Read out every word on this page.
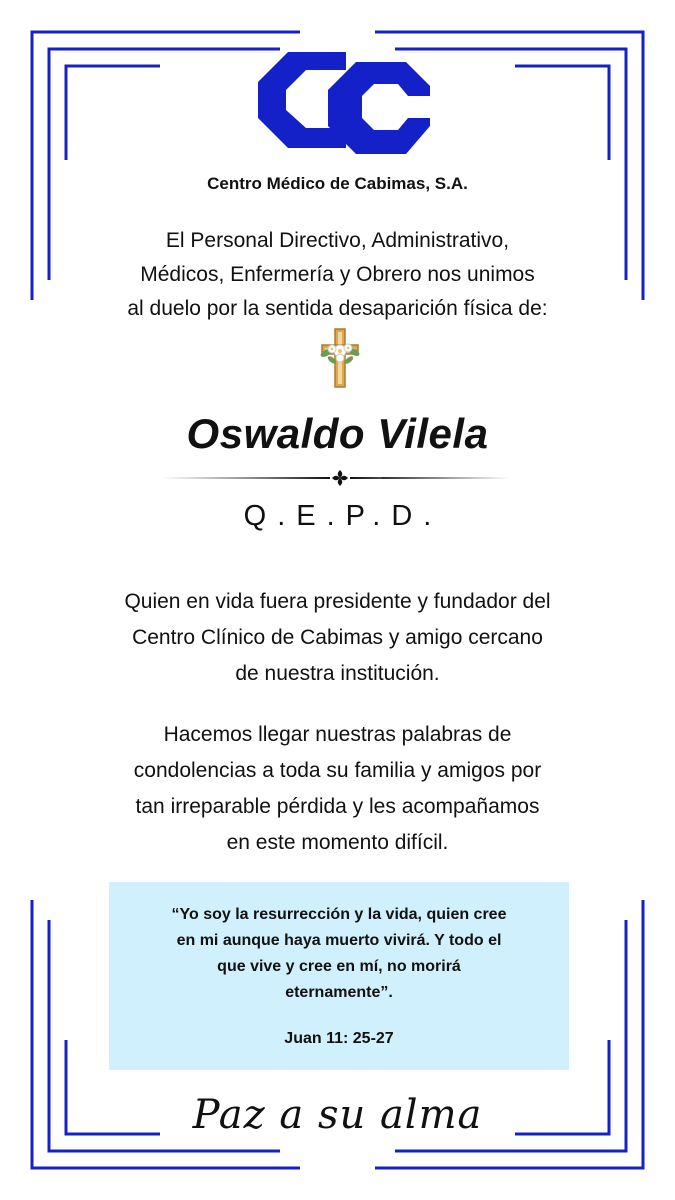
Centro Médico de Cabimas, S.A.
El Personal Directivo, Administrativo,
Médicos, Enfermería y Obrero nos unimos
al duelo por la sentida desaparición física de:
Oswaldo Vilela
Q.E.P.D.
Quien en vida fuera presidente y fundador del
Centro Clínico de Cabimas y amigo cercano
de nuestra institución.
Hacemos llegar nuestras palabras de
condolencias a toda su familia y amigos por
tan irreparable pérdida y les acompañamos
en este momento difícil.
“Yo soy la resurrección y la vida, quien cree
en mi aunque haya muerto vivirá. Y todo el
que vive y cree en mí, no morirá
eternamente”.
Juan 11: 25-27
Paz a su alma
